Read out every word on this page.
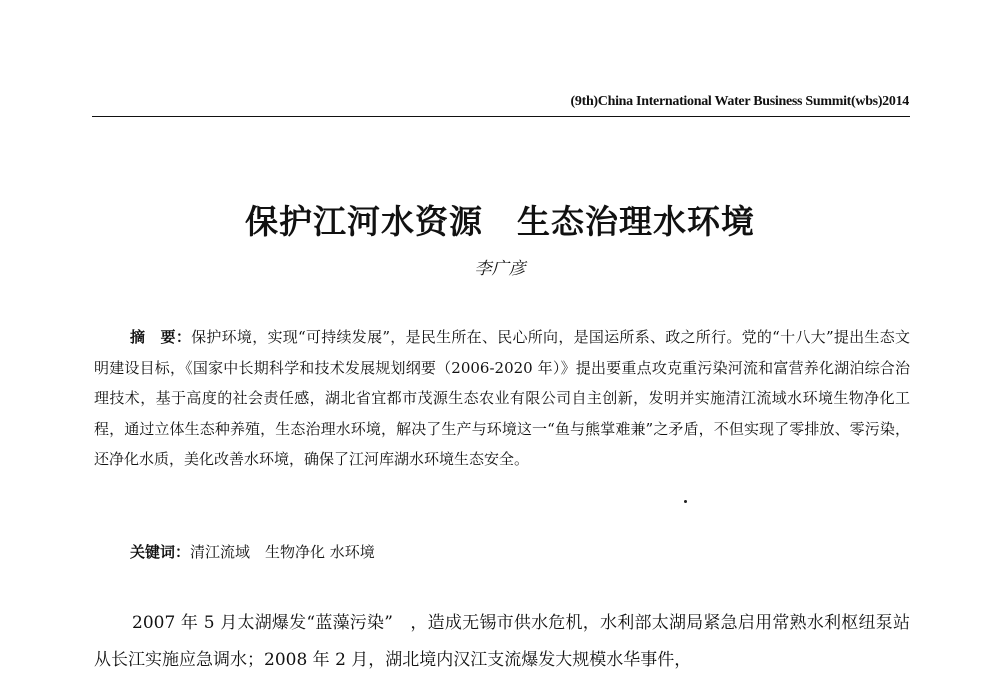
(9th)China International Water Business Summit(wbs)2014
保护江河水资源　生态治理水环境
李广彦

摘　要：保护环境，实现“可持续发展”，是民生所在、民心所向，是国运所系、政之所行。党的“十八大”提出生态文明建设目标，《国家中长期科学和技术发展规划纲要（2006-2020 年）》提出要重点攻克重污染河流和富营养化湖泊综合治理技术，基于高度的社会责任感，湖北省宜都市茂源生态农业有限公司自主创新，发明并实施清江流域水环境生物净化工程，通过立体生态种养殖，生态治理水环境，解决了生产与环境这一“鱼与熊掌难兼”之矛盾，不但实现了零排放、零污染，还净化水质，美化改善水环境，确保了江河库湖水环境生态安全。

关键词：清江流域　生物净化 水环境

2007 年 5 月太湖爆发“蓝藻污染”　，造成无锡市供水危机，水利部太湖局紧急启用常熟水利枢纽泵站从长江实施应急调水；2008 年 2 月，湖北境内汉江支流爆发大规模水华事件，
